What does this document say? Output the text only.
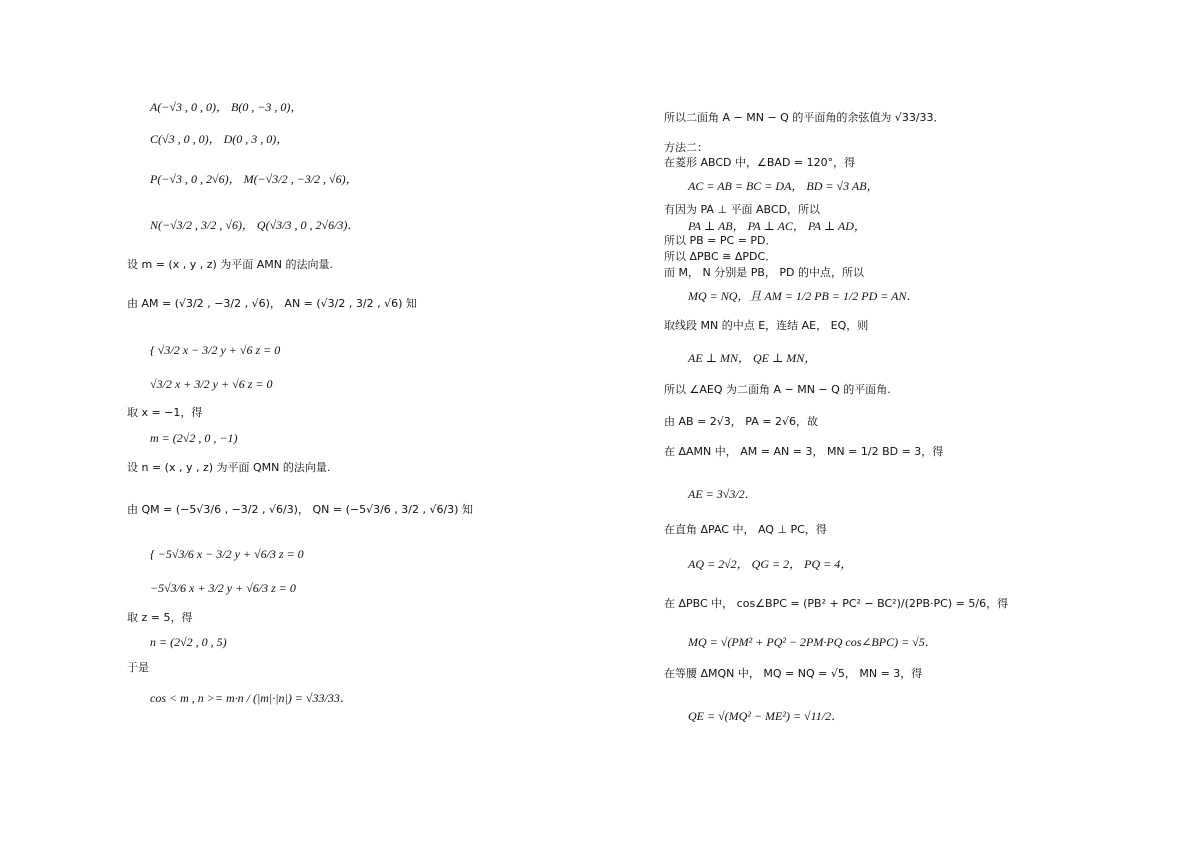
A(−√3 , 0 , 0)， B(0 , −3 , 0)，
C(√3 , 0 , 0)， D(0 , 3 , 0)，
P(−√3 , 0 , 2√6)， M(−√3/2 , −3/2 , √6)，
N(−√3/2 , 3/2 , √6)， Q(√3/3 , 0 , 2√6/3)．
设 m = (x , y , z) 为平面 AMN 的法向量.
由 AM = (√3/2 , −3/2 , √6)， AN = (√3/2 , 3/2 , √6) 知
{ √3/2 x − 3/2 y + √6 z = 0
√3/2 x + 3/2 y + √6 z = 0
取 x = −1，得
m = (2√2 , 0 , −1)
设 n = (x , y , z) 为平面 QMN 的法向量.
由 QM = (−5√3/6 , −3/2 , √6/3)， QN = (−5√3/6 , 3/2 , √6/3) 知
{ −5√3/6 x − 3/2 y + √6/3 z = 0
−5√3/6 x + 3/2 y + √6/3 z = 0
取 z = 5，得
n = (2√2 , 0 , 5)
于是
cos < m , n >= m·n / (|m|·|n|) = √33/33．
所以二面角 A − MN − Q 的平面角的余弦值为 √33/33．
方法二：
在菱形 ABCD 中，∠BAD = 120°，得
AC = AB = BC = DA， BD = √3 AB，
有因为 PA ⊥ 平面 ABCD，所以
PA ⊥ AB， PA ⊥ AC， PA ⊥ AD，
所以 PB = PC = PD．
所以 ΔPBC ≅ ΔPDC．
而 M， N 分别是 PB， PD 的中点，所以
MQ = NQ，且 AM = 1/2 PB = 1/2 PD = AN．
取线段 MN 的中点 E，连结 AE， EQ，则
AE ⊥ MN， QE ⊥ MN，
所以 ∠AEQ 为二面角 A − MN − Q 的平面角.
由 AB = 2√3， PA = 2√6，故
在 ΔAMN 中， AM = AN = 3， MN = 1/2 BD = 3，得
AE = 3√3/2．
在直角 ΔPAC 中， AQ ⊥ PC，得
AQ = 2√2， QG = 2， PQ = 4，
在 ΔPBC 中， cos∠BPC = (PB² + PC² − BC²)/(2PB·PC) = 5/6，得
MQ = √(PM² + PQ² − 2PM·PQ cos∠BPC) = √5．
在等腰 ΔMQN 中， MQ = NQ = √5， MN = 3，得
QE = √(MQ² − ME²) = √11/2．
